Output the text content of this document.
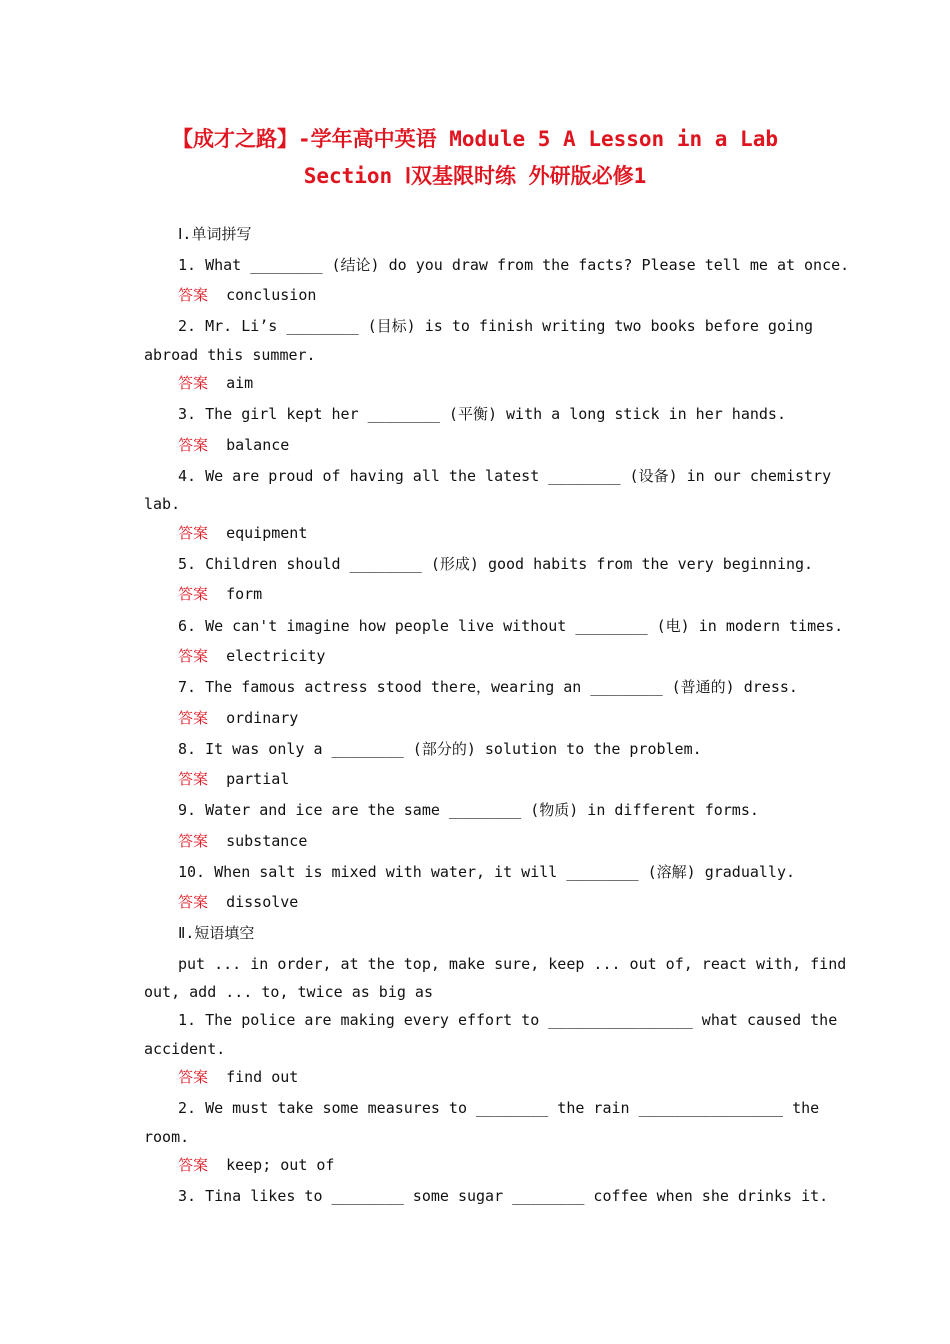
【成才之路】-学年高中英语 Module 5 A Lesson in a Lab
Section Ⅰ双基限时练 外研版必修1
Ⅰ.单词拼写
1. What ________ (结论) do you draw from the facts? Please tell me at once.
答案 conclusion
2. Mr. Li’s ________ (目标) is to finish writing two books before going
abroad this summer.
答案 aim
3. The girl kept her ________ (平衡) with a long stick in her hands.
答案 balance
4. We are proud of having all the latest ________ (设备) in our chemistry
lab.
答案 equipment
5. Children should ________ (形成) good habits from the very beginning.
答案 form
6. We can't imagine how people live without ________ (电) in modern times.
答案 electricity
7. The famous actress stood there，wearing an ________ (普通的) dress.
答案 ordinary
8. It was only a ________ (部分的) solution to the problem.
答案 partial
9. Water and ice are the same ________ (物质) in different forms.
答案 substance
10. When salt is mixed with water, it will ________ (溶解) gradually.
答案 dissolve
Ⅱ.短语填空
put ... in order, at the top, make sure, keep ... out of, react with, find
out, add ... to, twice as big as
1. The police are making every effort to ________________ what caused the
accident.
答案 find out
2. We must take some measures to ________ the rain ________________ the
room.
答案 keep; out of
3. Tina likes to ________ some sugar ________ coffee when she drinks it.
